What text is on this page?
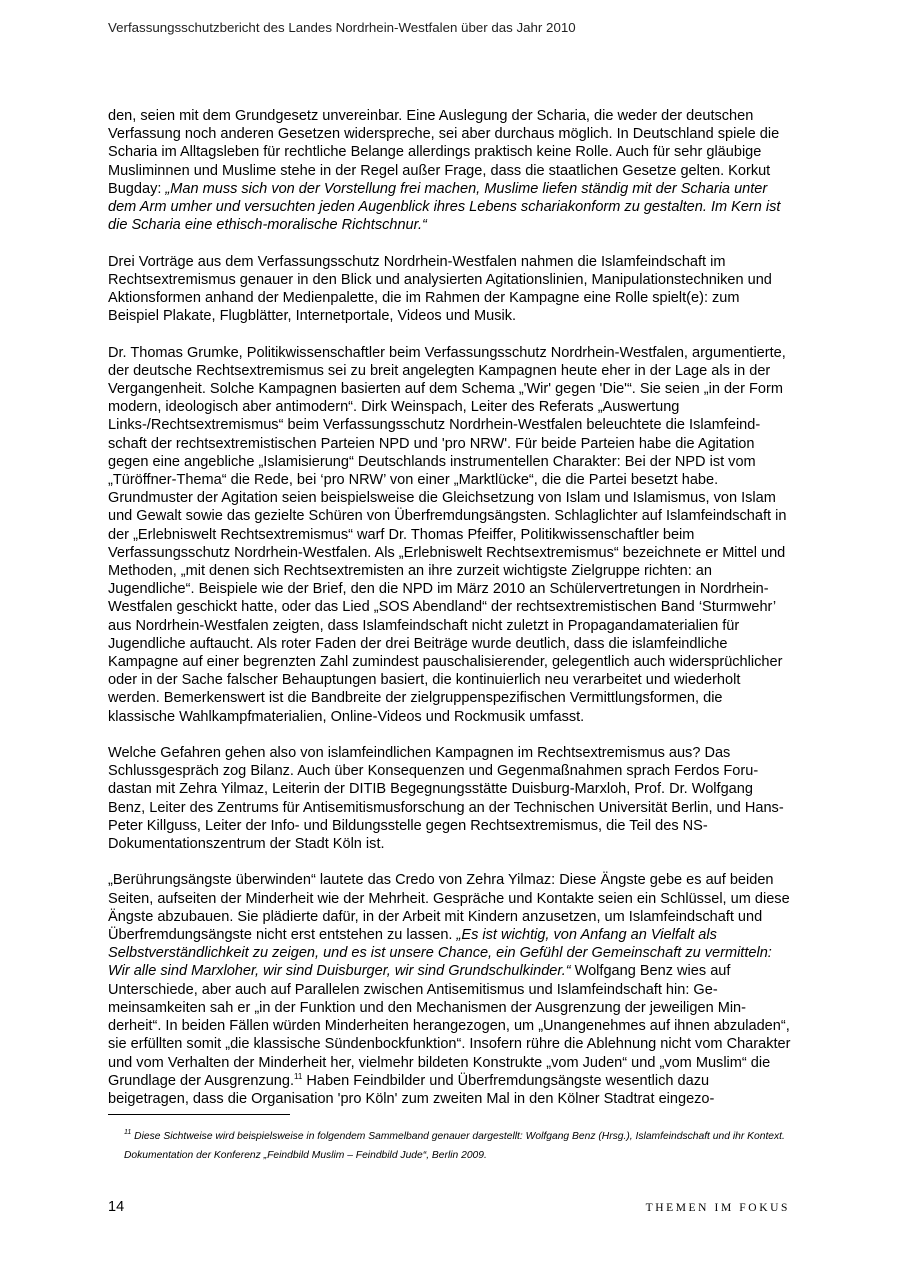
Verfassungsschutzbericht des Landes Nordrhein-Westfalen über das Jahr 2010

den, seien mit dem Grundgesetz unvereinbar. Eine Auslegung der Scharia, die weder der deutschen Verfassung noch anderen Gesetzen widerspreche, sei aber durchaus möglich. In Deutschland spiele die Scharia im Alltagsleben für rechtliche Belange allerdings praktisch keine Rolle. Auch für sehr gläubige Musliminnen und Muslime stehe in der Regel außer Frage, dass die staatlichen Gesetze gelten. Korkut Bugday: „Man muss sich von der Vorstellung frei machen, Muslime liefen ständig mit der Scharia unter dem Arm umher und versuchten jeden Augenblick ihres Lebens schariakonform zu gestalten. Im Kern ist die Scharia eine ethisch-moralische Richtschnur.“

Drei Vorträge aus dem Verfassungsschutz Nordrhein-Westfalen nahmen die Islamfeindschaft im Rechtsextremismus genauer in den Blick und analysierten Agitationslinien, Manipulationstechniken und Aktionsformen anhand der Medienpalette, die im Rahmen der Kampagne eine Rolle spielt(e): zum Beispiel Plakate, Flugblätter, Internetportale, Videos und Musik.

Dr. Thomas Grumke, Politikwissenschaftler beim Verfassungsschutz Nordrhein-Westfalen, argumentierte, der deutsche Rechtsextremismus sei zu breit angelegten Kampagnen heute eher in der Lage als in der Vergangenheit. Solche Kampagnen basierten auf dem Schema „'Wir' gegen 'Die'“. Sie seien „in der Form modern, ideologisch aber antimodern“. Dirk Weinspach, Leiter des Referats „Auswertung Links-/Rechtsextremismus“ beim Verfassungsschutz Nordrhein-Westfalen beleuchtete die Islamfeindschaft der rechtsextremistischen Parteien NPD und 'pro NRW'. Für beide Parteien habe die Agitation gegen eine angebliche „Islamisierung“ Deutschlands instrumentellen Charakter: Bei der NPD ist vom „Türöffner-Thema“ die Rede, bei ‘pro NRW’ von einer „Marktlücke“, die die Partei besetzt habe. Grundmuster der Agitation seien beispielsweise die Gleichsetzung von Islam und Islamismus, von Islam und Gewalt sowie das gezielte Schüren von Überfremdungsängsten. Schlaglichter auf Islamfeindschaft in der „Erlebniswelt Rechtsextremismus“ warf Dr. Thomas Pfeiffer, Politikwissenschaftler beim Verfassungsschutz Nordrhein-Westfalen. Als „Erlebniswelt Rechtsextremismus“ bezeichnete er Mittel und Methoden, „mit denen sich Rechtsextremisten an ihre zurzeit wichtigste Zielgruppe richten: an Jugendliche“. Beispiele wie der Brief, den die NPD im März 2010 an Schülervertretungen in Nordrhein-Westfalen geschickt hatte, oder das Lied „SOS Abendland“ der rechtsextremistischen Band ‘Sturmwehr’ aus Nordrhein-Westfalen zeigten, dass Islamfeindschaft nicht zuletzt in Propagandamaterialien für Jugendliche auftaucht. Als roter Faden der drei Beiträge wurde deutlich, dass die islamfeindliche Kampagne auf einer begrenzten Zahl zumindest pauschalisierender, gelegentlich auch widersprüchlicher oder in der Sache falscher Behauptungen basiert, die kontinuierlich neu verarbeitet und wiederholt werden. Bemerkenswert ist die Bandbreite der zielgruppenspezifischen Vermittlungsformen, die klassische Wahlkampfmaterialien, Online-Videos und Rockmusik umfasst.

Welche Gefahren gehen also von islamfeindlichen Kampagnen im Rechtsextremismus aus? Das Schlussgespräch zog Bilanz. Auch über Konsequenzen und Gegenmaßnahmen sprach Ferdos Forudastan mit Zehra Yilmaz, Leiterin der DITIB Begegnungsstätte Duisburg-Marxloh, Prof. Dr. Wolfgang Benz, Leiter des Zentrums für Antisemitismusforschung an der Technischen Universität Berlin, und Hans-Peter Killguss, Leiter der Info- und Bildungsstelle gegen Rechtsextremismus, die Teil des NS-Dokumentationszentrum der Stadt Köln ist.

„Berührungsängste überwinden“ lautete das Credo von Zehra Yilmaz: Diese Ängste gebe es auf beiden Seiten, aufseiten der Minderheit wie der Mehrheit. Gespräche und Kontakte seien ein Schlüssel, um diese Ängste abzubauen. Sie plädierte dafür, in der Arbeit mit Kindern anzusetzen, um Islamfeindschaft und Überfremdungsängste nicht erst entstehen zu lassen. „Es ist wichtig, von Anfang an Vielfalt als Selbstverständlichkeit zu zeigen, und es ist unsere Chance, ein Gefühl der Gemeinschaft zu vermitteln: Wir alle sind Marxloher, wir sind Duisburger, wir sind Grundschulkinder.“ Wolfgang Benz wies auf Unterschiede, aber auch auf Parallelen zwischen Antisemitismus und Islamfeindschaft hin: Gemeinsamkeiten sah er „in der Funktion und den Mechanismen der Ausgrenzung der jeweiligen Minderheit“. In beiden Fällen würden Minderheiten herangezogen, um „Unangenehmes auf ihnen abzuladen“, sie erfüllten somit „die klassische Sündenbockfunktion“. Insofern rühre die Ablehnung nicht vom Charakter und vom Verhalten der Minderheit her, vielmehr bildeten Konstrukte „vom Juden“ und „vom Muslim“ die Grundlage der Ausgrenzung.$^{11}$ Haben Feindbilder und Überfremdungsängste wesentlich dazu beigetragen, dass die Organisation 'pro Köln' zum zweiten Mal in den Kölner Stadtrat eingezo-

$^{11}$ Diese Sichtweise wird beispielsweise in folgendem Sammelband genauer dargestellt: Wolfgang Benz (Hrsg.), Islamfeindschaft und ihr Kontext. Dokumentation der Konferenz „Feindbild Muslim – Feindbild Jude“, Berlin 2009.
14	THEMEN IM FOKUS
